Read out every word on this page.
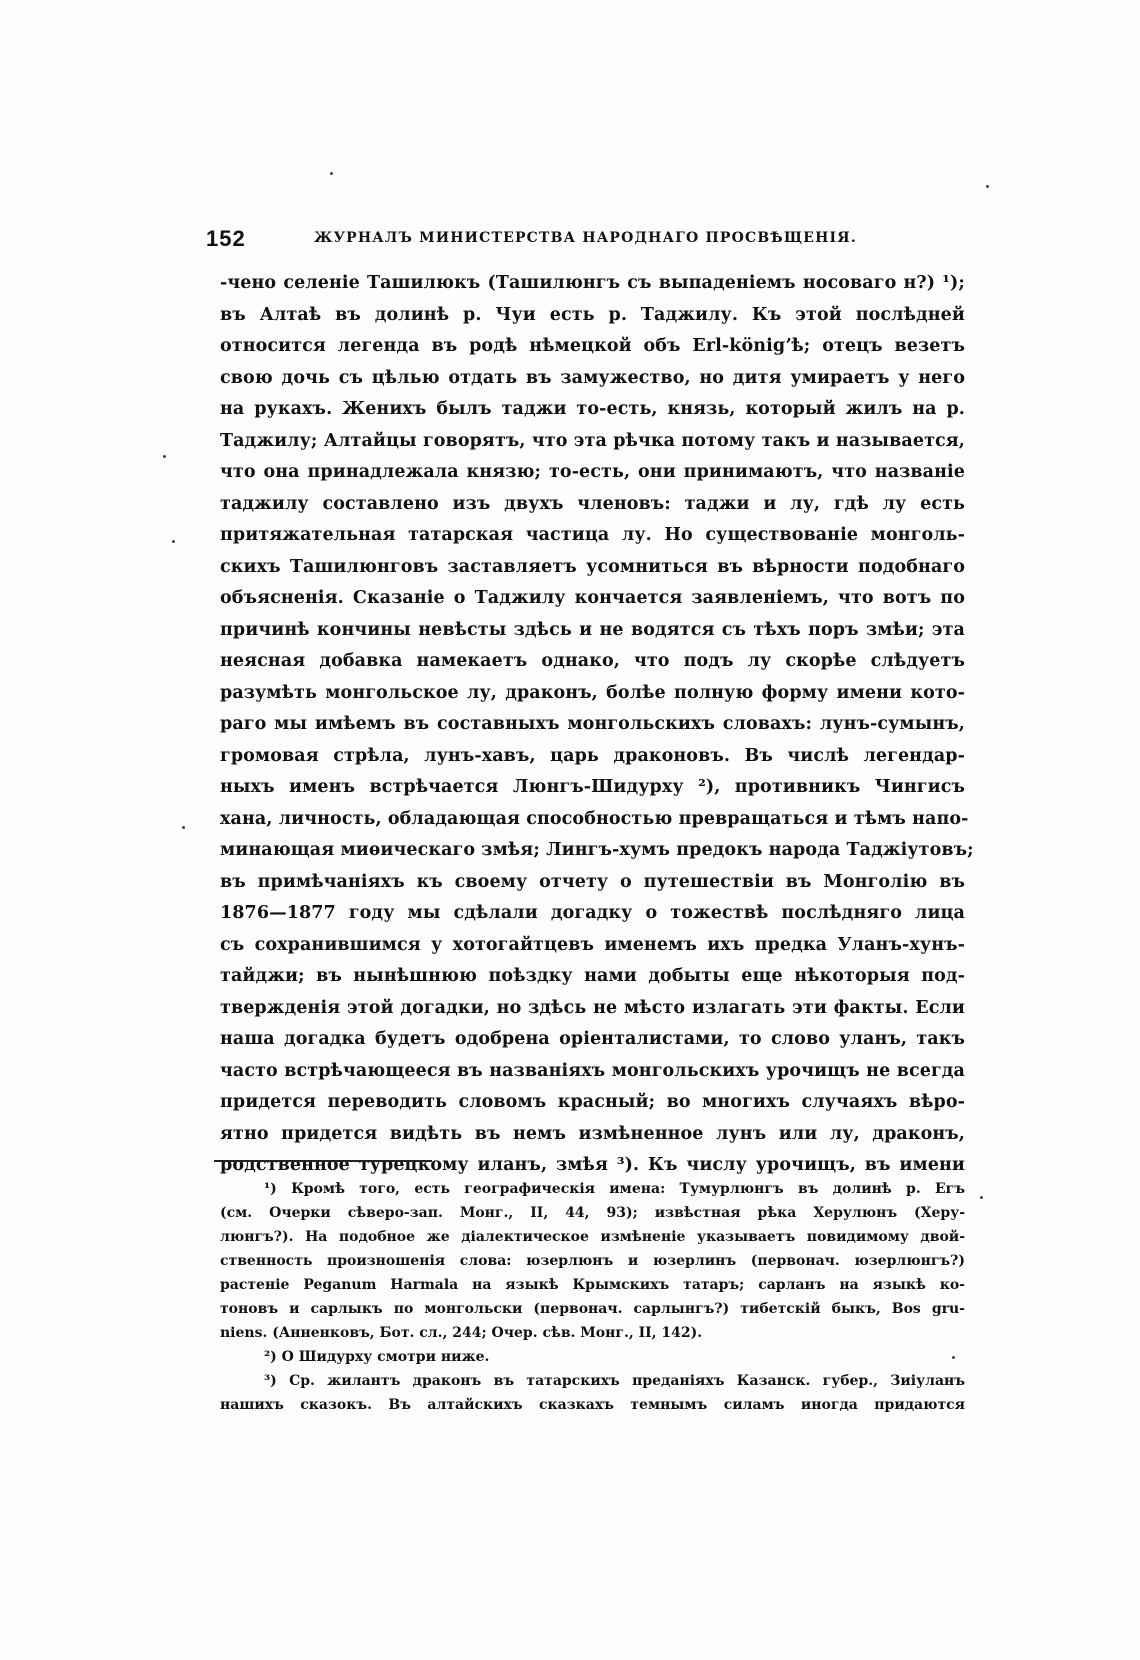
152	ЖУРНАЛЪ МИНИСТЕРСТВА НАРОДНАГО ПРОСВѢЩЕНІЯ.
-чено селеніе Ташилюкъ (Ташилюнгъ съ выпаденіемъ носоваго н?) ¹);
въ Алтаѣ въ долинѣ р. Чуи есть р. Таджилу. Къ этой послѣдней
относится легенда въ родѣ нѣмецкой объ Erl-königʼѣ; отецъ везетъ
свою дочь съ цѣлью отдать въ замужество, но дитя умираетъ у него
на рукахъ. Женихъ былъ таджи то-есть, князь, который жилъ на р.
Таджилу; Алтайцы говорятъ, что эта рѣчка потому такъ и называется,
что она принадлежала князю; то-есть, они принимаютъ, что названіе
таджилу составлено изъ двухъ членовъ: таджи и лу, гдѣ лу есть
притяжательная татарская частица лу. Но существованіе монголь-
скихъ Ташилюнговъ заставляетъ усомниться въ вѣрности подобнаго
объясненія. Сказаніе о Таджилу кончается заявленіемъ, что вотъ по
причинѣ кончины невѣсты здѣсь и не водятся съ тѣхъ поръ змѣи; эта
неясная добавка намекаетъ однако, что подъ лу скорѣе слѣдуетъ
разумѣть монгольское лу, драконъ, болѣе полную форму имени кото-
раго мы имѣемъ въ составныхъ монгольскихъ словахъ: лунъ-сумынъ,
громовая стрѣла, лунъ-хавъ, царь драконовъ. Въ числѣ легендар-
ныхъ именъ встрѣчается Люнгъ-Шидурху ²), противникъ Чингисъ
хана, личность, обладающая способностью превращаться и тѣмъ напо-
минающая миѳическаго змѣя; Лингъ-хумъ предокъ народа Таджіутовъ;
въ примѣчаніяхъ къ своему отчету о путешествіи въ Монголію въ
1876—1877 году мы сдѣлали догадку о тожествѣ послѣдняго лица
съ сохранившимся у хотогайтцевъ именемъ ихъ предка Уланъ-хунъ-
тайджи; въ нынѣшнюю поѣздку нами добыты еще нѣкоторыя под-
твержденія этой догадки, но здѣсь не мѣсто излагать эти факты. Если
наша догадка будетъ одобрена оріенталистами, то слово уланъ, такъ
часто встрѣчающееся въ названіяхъ монгольскихъ урочищъ не всегда
придется переводить словомъ красный; во многихъ случаяхъ вѣро-
ятно придется видѣть въ немъ измѣненное лунъ или лу, драконъ,
родственное турецкому иланъ, змѣя ³). Къ числу урочищъ, въ имени
¹) Кромѣ того, есть географическія имена: Тумурлюнгъ въ долинѣ р. Егъ
(см. Очерки сѣверо-зап. Монг., II, 44, 93); извѣстная рѣка Херулюнъ (Херу-
люнгъ?). Ha подобное же діалектическое измѣненіе указываетъ повидимому двой-
ственность произношенія слова: юзерлюнъ и юзерлинъ (первонач. юзерлюнгъ?)
растеніе Peganum Harmala на языкѣ Крымскихъ татаръ; сарланъ на языкѣ ко-
тоновъ и сарлыкъ по монгольски (первонач. сарлынгъ?) тибетскій быкъ, Bos gru-
niens. (Анненковъ, Бот. сл., 244; Очер. сѣв. Монг., II, 142).
²) О Шидурху смотри ниже.
³) Ср. жилантъ драконъ въ татарскихъ преданіяхъ Казанск. губер., Зиіуланъ
нашихъ сказокъ. Въ алтайскихъ сказкахъ темнымъ силамъ иногда придаются
